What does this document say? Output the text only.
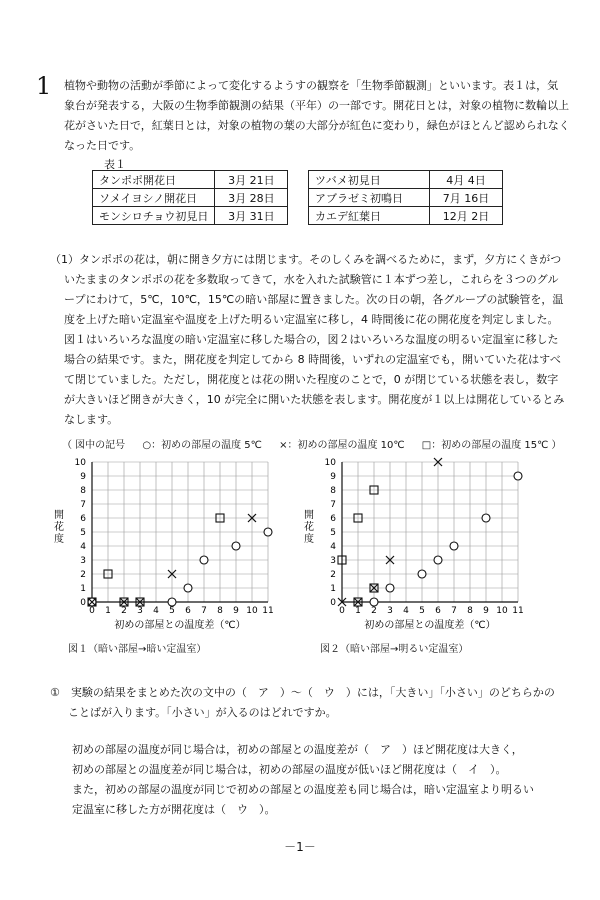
1 植物や動物の活動が季節によって変化するようすの観察を「生物季節観測」といいます。表１は，気
象台が発表する，大阪の生物季節観測の結果（平年）の一部です。開花日とは，対象の植物に数輪以上
花がさいた日で，紅葉日とは，対象の植物の葉の大部分が紅色に変わり，緑色がほとんど認められなく
なった日です。
表１
タンポポ開花日	3月 21日
ソメイヨシノ開花日	3月 28日
モンシロチョウ初見日	3月 31日
ツバメ初見日	4月 4日
アブラゼミ初鳴日	7月 16日
カエデ紅葉日	12月 2日
（1）タンポポの花は，朝に開き夕方には閉じます。そのしくみを調べるために，まず，夕方にくきがつ
いたままのタンポポの花を多数取ってきて，水を入れた試験管に１本ずつ差し，これらを３つのグル
ープにわけて，5℃，10℃，15℃の暗い部屋に置きました。次の日の朝，各グループの試験管を，温
度を上げた暗い定温室や温度を上げた明るい定温室に移し，4 時間後に花の開花度を判定しました。
図１はいろいろな温度の暗い定温室に移した場合の，図２はいろいろな温度の明るい定温室に移した
場合の結果です。また，開花度を判定してから 8 時間後，いずれの定温室でも，開いていた花はすべ
て閉じていました。ただし，開花度とは花の開いた程度のことで，0 が閉じている状態を表し，数字
が大きいほど開きが大きく，10 が完全に開いた状態を表します。開花度が１以上は開花しているとみ
なします。
（ 図中の記号 ○：初めの部屋の温度 5℃ ×：初めの部屋の温度 10℃ □：初めの部屋の温度 15℃ ）
0 1 2 3 4 5 6 7 8 9 10 11
0
1
2
3
4
5
6
7
8
9
10
開花度
初めの部屋との温度差（℃）
図１（暗い部屋→暗い定温室）
0 1 2 3 4 5 6 7 8 9 10 11
0
1
2
3
4
5
6
7
8
9
10
開花度
初めの部屋との温度差（℃）
図２（暗い部屋→明るい定温室）
①　実験の結果をまとめた次の文中の（　ア　）～（　ウ　）には，「大きい」「小さい」のどちらかの
ことばが入ります。「小さい」が入るのはどれですか。
初めの部屋の温度が同じ場合は，初めの部屋との温度差が（　ア　）ほど開花度は大きく，
初めの部屋との温度差が同じ場合は，初めの部屋の温度が低いほど開花度は（　イ　）。
また，初めの部屋の温度が同じで初めの部屋との温度差も同じ場合は，暗い定温室より明るい
定温室に移した方が開花度は（　ウ　）。
－1－
